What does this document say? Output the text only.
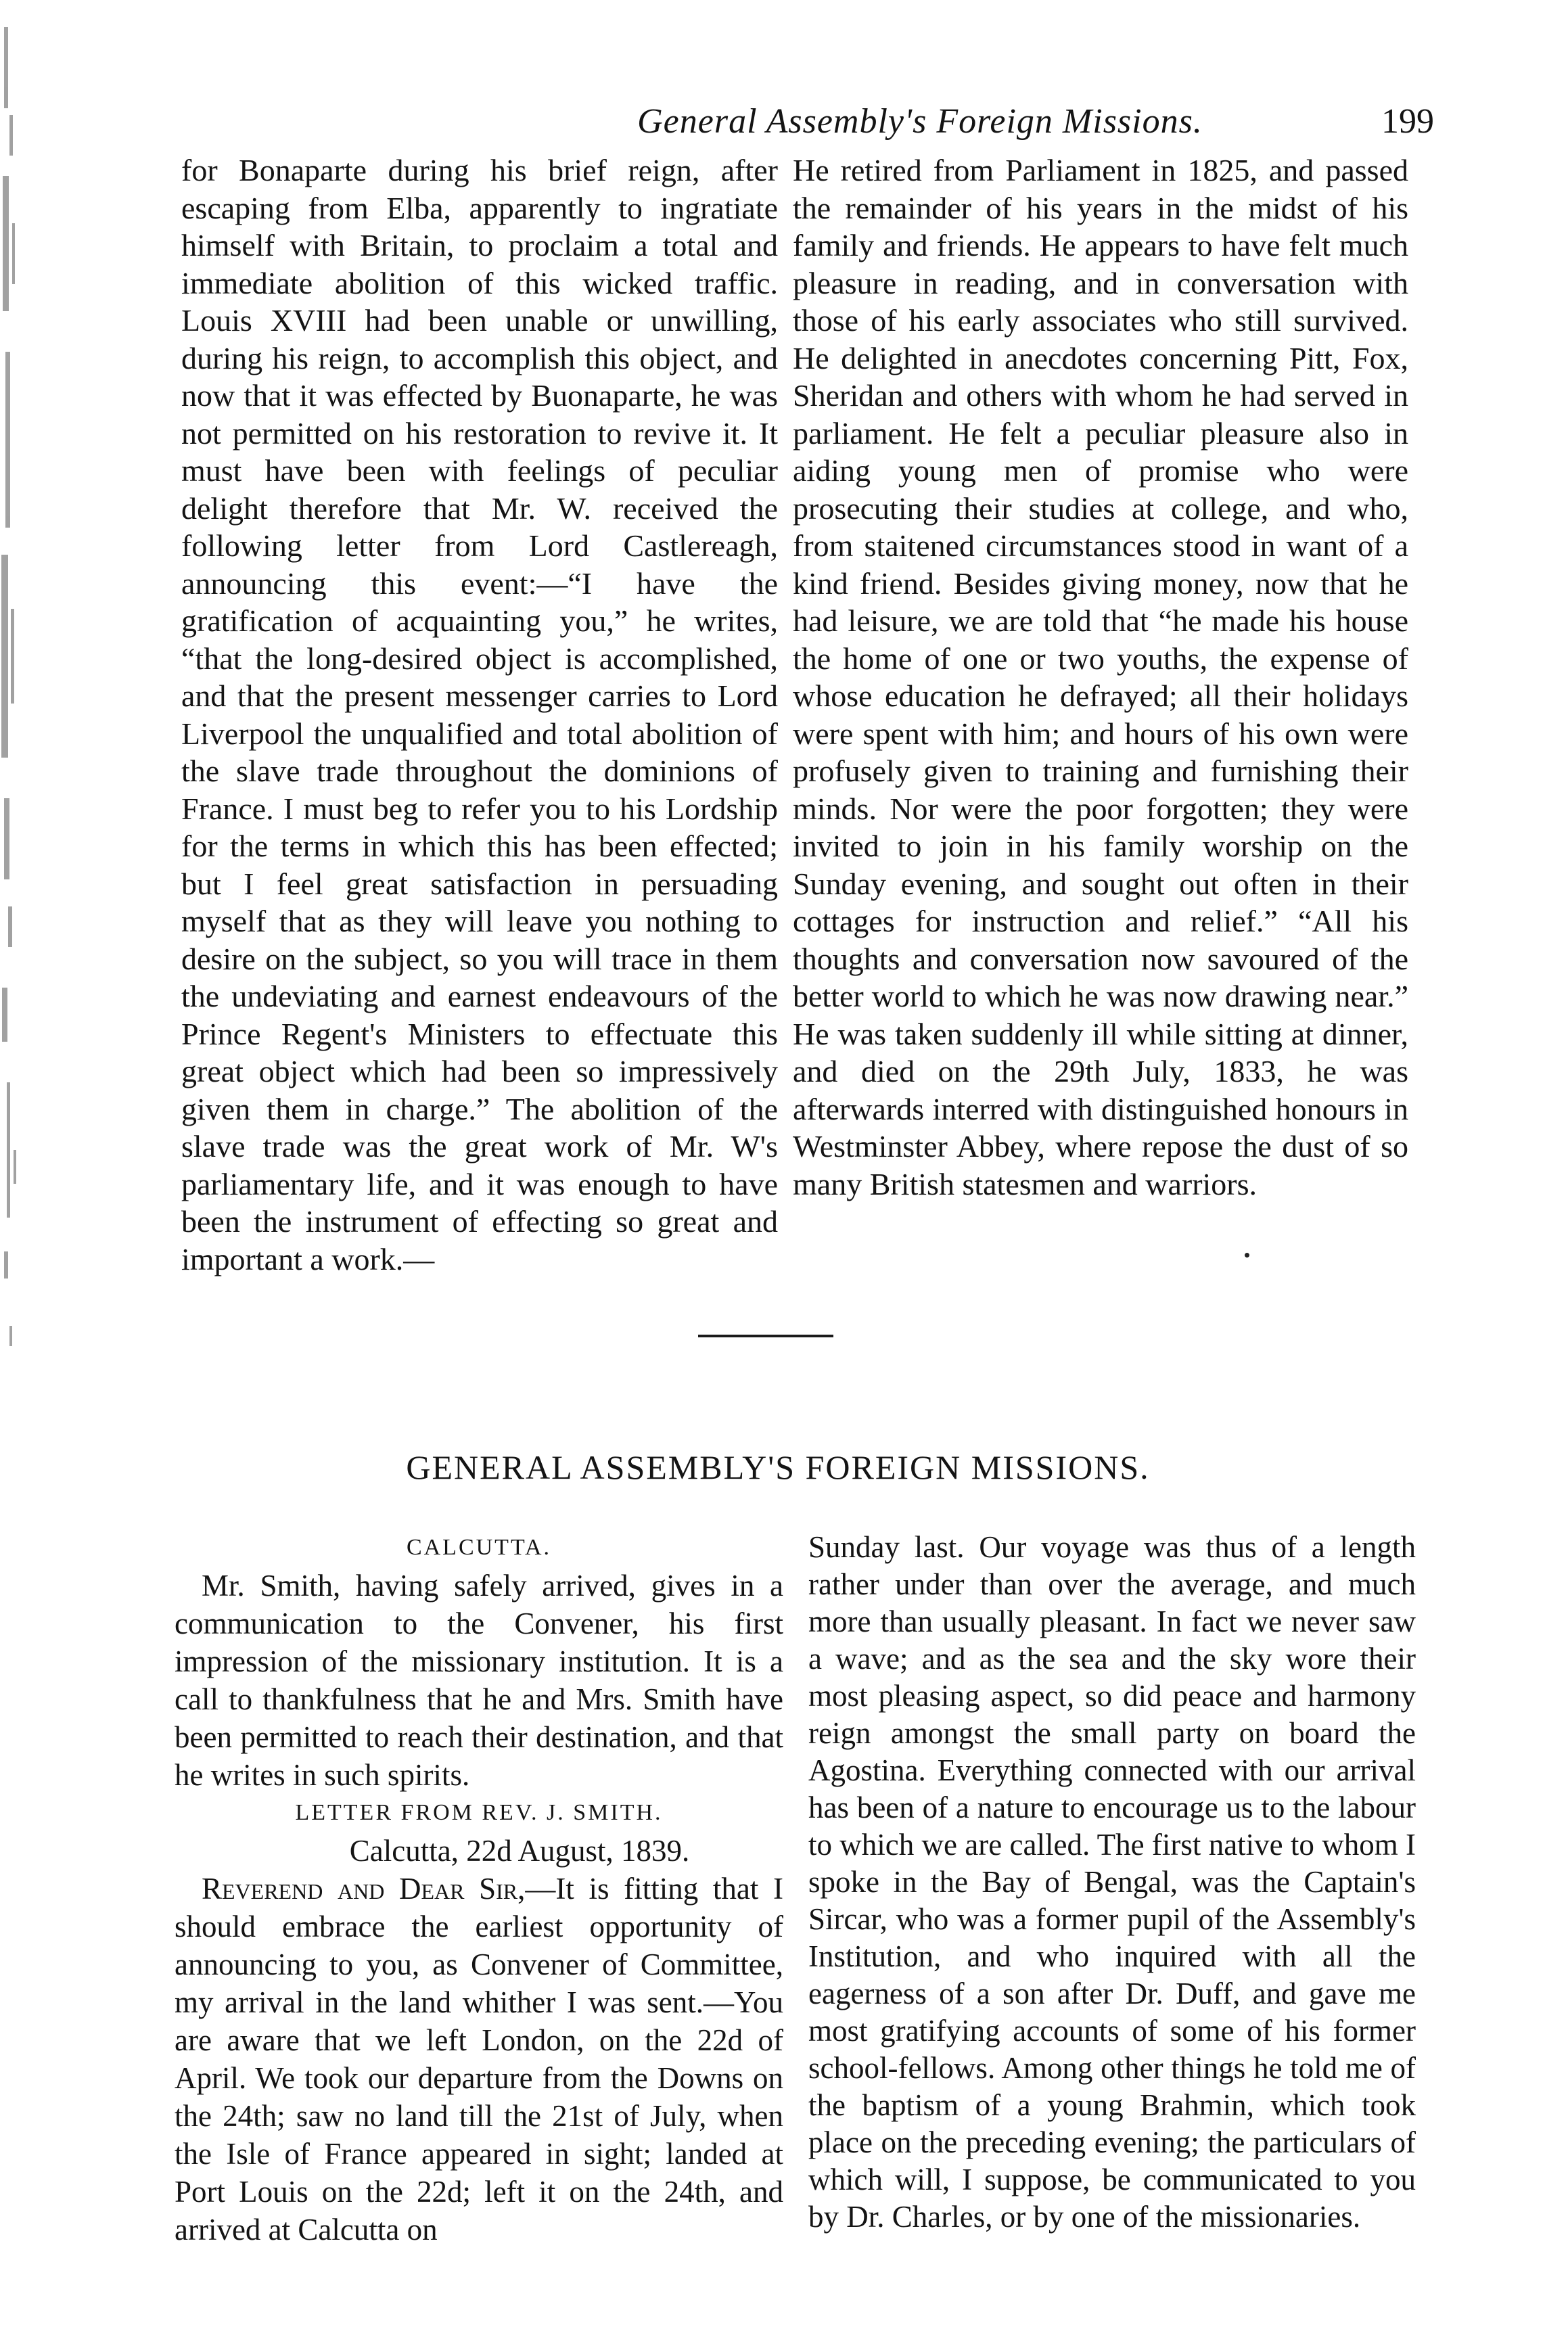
General Assembly's Foreign Missions.	199

for Bonaparte during his brief reign, after escaping from Elba, apparently to ingratiate himself with Britain, to proclaim a total and immediate abolition of this wicked traffic. Louis XVIII had been unable or unwilling, during his reign, to accomplish this object, and now that it was effected by Buonaparte, he was not permitted on his restoration to revive it. It must have been with feelings of peculiar delight therefore that Mr. W. received the following letter from Lord Castlereagh, announcing this event:—“I have the gratification of acquainting you,” he writes, “that the long-desired object is accomplished, and that the present messenger carries to Lord Liverpool the unqualified and total abolition of the slave trade throughout the dominions of France. I must beg to refer you to his Lordship for the terms in which this has been effected; but I feel great satisfaction in persuading myself that as they will leave you nothing to desire on the subject, so you will trace in them the undeviating and earnest endeavours of the Prince Regent's Ministers to effectuate this great object which had been so impressively given them in charge.” The abolition of the slave trade was the great work of Mr. W's parliamentary life, and it was enough to have been the instrument of effecting so great and important a work.—

He retired from Parliament in 1825, and passed the remainder of his years in the midst of his family and friends. He appears to have felt much pleasure in reading, and in conversation with those of his early associates who still survived. He delighted in anecdotes concerning Pitt, Fox, Sheridan and others with whom he had served in parliament. He felt a peculiar pleasure also in aiding young men of promise who were prosecuting their studies at college, and who, from staitened circumstances stood in want of a kind friend. Besides giving money, now that he had leisure, we are told that “he made his house the home of one or two youths, the expense of whose education he defrayed; all their holidays were spent with him; and hours of his own were profusely given to training and furnishing their minds. Nor were the poor forgotten; they were invited to join in his family worship on the Sunday evening, and sought out often in their cottages for instruction and relief.” “All his thoughts and conversation now savoured of the better world to which he was now drawing near.” He was taken suddenly ill while sitting at dinner, and died on the 29th July, 1833, he was afterwards interred with distinguished honours in Westminster Abbey, where repose the dust of so many British statesmen and warriors.

GENERAL ASSEMBLY'S FOREIGN MISSIONS.

CALCUTTA.

Mr. Smith, having safely arrived, gives in a communication to the Convener, his first impression of the missionary institution. It is a call to thankfulness that he and Mrs. Smith have been permitted to reach their destination, and that he writes in such spirits.

LETTER FROM REV. J. SMITH.

Calcutta, 22d August, 1839.

Reverend and Dear Sir,—It is fitting that I should embrace the earliest opportunity of announcing to you, as Convener of Committee, my arrival in the land whither I was sent.—You are aware that we left London, on the 22d of April. We took our departure from the Downs on the 24th; saw no land till the 21st of July, when the Isle of France appeared in sight; landed at Port Louis on the 22d; left it on the 24th, and arrived at Calcutta on

Sunday last. Our voyage was thus of a length rather under than over the average, and much more than usually pleasant. In fact we never saw a wave; and as the sea and the sky wore their most pleasing aspect, so did peace and harmony reign amongst the small party on board the Agostina. Everything connected with our arrival has been of a nature to encourage us to the labour to which we are called. The first native to whom I spoke in the Bay of Bengal, was the Captain's Sircar, who was a former pupil of the Assembly's Institution, and who inquired with all the eagerness of a son after Dr. Duff, and gave me most gratifying accounts of some of his former school-fellows. Among other things he told me of the baptism of a young Brahmin, which took place on the preceding evening; the particulars of which will, I suppose, be communicated to you by Dr. Charles, or by one of the missionaries.
